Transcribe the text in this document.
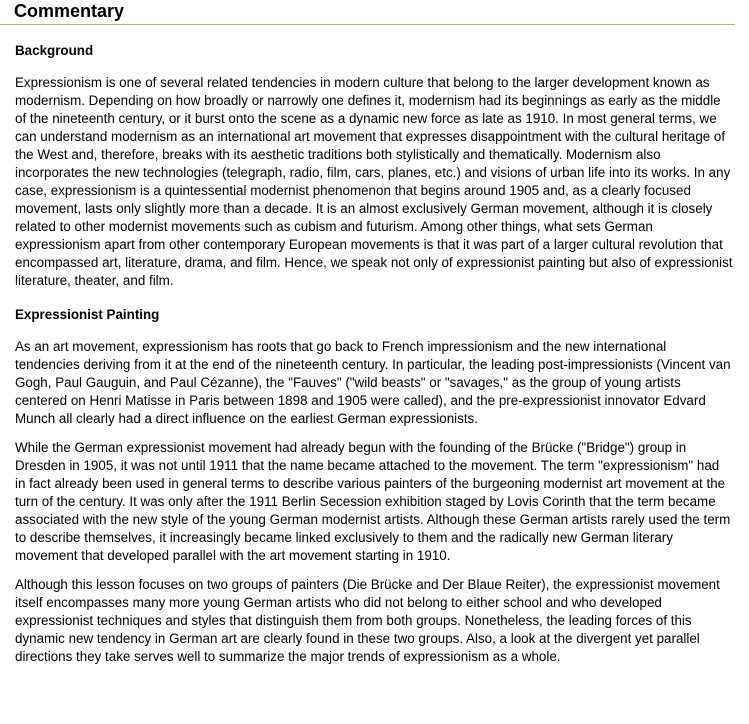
Commentary
Background

Expressionism is one of several related tendencies in modern culture that belong to the larger development known as modernism. Depending on how broadly or narrowly one defines it, modernism had its beginnings as early as the middle of the nineteenth century, or it burst onto the scene as a dynamic new force as late as 1910. In most general terms, we can understand modernism as an international art movement that expresses disappointment with the cultural heritage of the West and, therefore, breaks with its aesthetic traditions both stylistically and thematically. Modernism also incorporates the new technologies (telegraph, radio, film, cars, planes, etc.) and visions of urban life into its works. In any case, expressionism is a quintessential modernist phenomenon that begins around 1905 and, as a clearly focused movement, lasts only slightly more than a decade. It is an almost exclusively German movement, although it is closely related to other modernist movements such as cubism and futurism. Among other things, what sets German expressionism apart from other contemporary European movements is that it was part of a larger cultural revolution that encompassed art, literature, drama, and film. Hence, we speak not only of expressionist painting but also of expressionist literature, theater, and film.

Expressionist Painting

As an art movement, expressionism has roots that go back to French impressionism and the new international tendencies deriving from it at the end of the nineteenth century. In particular, the leading post-impressionists (Vincent van Gogh, Paul Gauguin, and Paul Cézanne), the "Fauves" ("wild beasts" or "savages," as the group of young artists centered on Henri Matisse in Paris between 1898 and 1905 were called), and the pre-expressionist innovator Edvard Munch all clearly had a direct influence on the earliest German expressionists.

While the German expressionist movement had already begun with the founding of the Brücke ("Bridge") group in Dresden in 1905, it was not until 1911 that the name became attached to the movement. The term "expressionism" had in fact already been used in general terms to describe various painters of the burgeoning modernist art movement at the turn of the century. It was only after the 1911 Berlin Secession exhibition staged by Lovis Corinth that the term became associated with the new style of the young German modernist artists. Although these German artists rarely used the term to describe themselves, it increasingly became linked exclusively to them and the radically new German literary movement that developed parallel with the art movement starting in 1910.

Although this lesson focuses on two groups of painters (Die Brücke and Der Blaue Reiter), the expressionist movement itself encompasses many more young German artists who did not belong to either school and who developed expressionist techniques and styles that distinguish them from both groups. Nonetheless, the leading forces of this dynamic new tendency in German art are clearly found in these two groups. Also, a look at the divergent yet parallel directions they take serves well to summarize the major trends of expressionism as a whole.
